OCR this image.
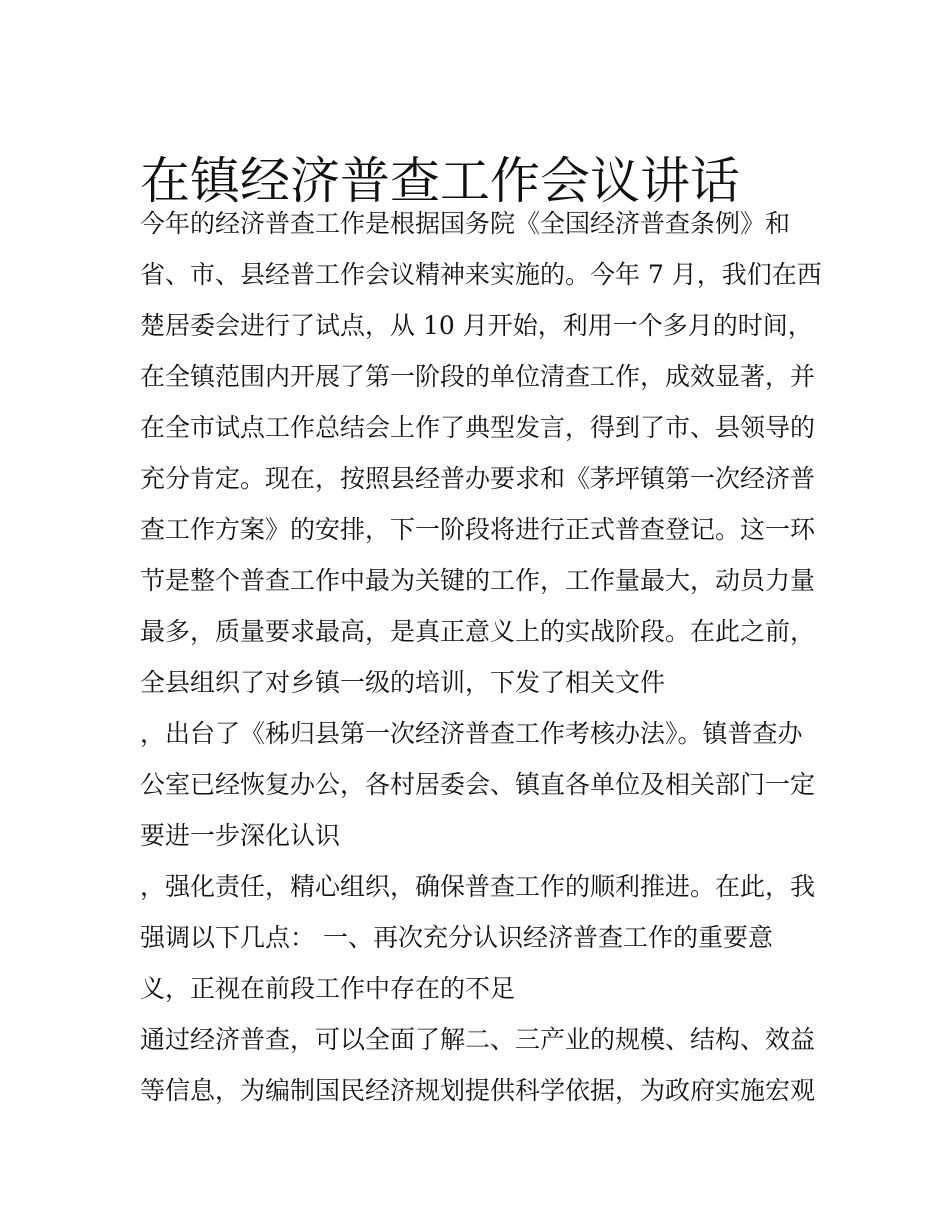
在镇经济普查工作会议讲话
今年的经济普查工作是根据国务院《全国经济普查条例》和
省、市、县经普工作会议精神来实施的。今年 7 月，我们在西
楚居委会进行了试点，从 10 月开始，利用一个多月的时间，
在全镇范围内开展了第一阶段的单位清查工作，成效显著，并
在全市试点工作总结会上作了典型发言，得到了市、县领导的
充分肯定。现在，按照县经普办要求和《茅坪镇第一次经济普
查工作方案》的安排，下一阶段将进行正式普查登记。这一环
节是整个普查工作中最为关键的工作，工作量最大，动员力量
最多，质量要求最高，是真正意义上的实战阶段。在此之前，
全县组织了对乡镇一级的培训，下发了相关文件
，出台了《秭归县第一次经济普查工作考核办法》。镇普查办
公室已经恢复办公，各村居委会、镇直各单位及相关部门一定
要进一步深化认识
，强化责任，精心组织，确保普查工作的顺利推进。在此，我
强调以下几点： 一、再次充分认识经济普查工作的重要意
义，正视在前段工作中存在的不足
通过经济普查，可以全面了解二、三产业的规模、结构、效益
等信息，为编制国民经济规划提供科学依据，为政府实施宏观
